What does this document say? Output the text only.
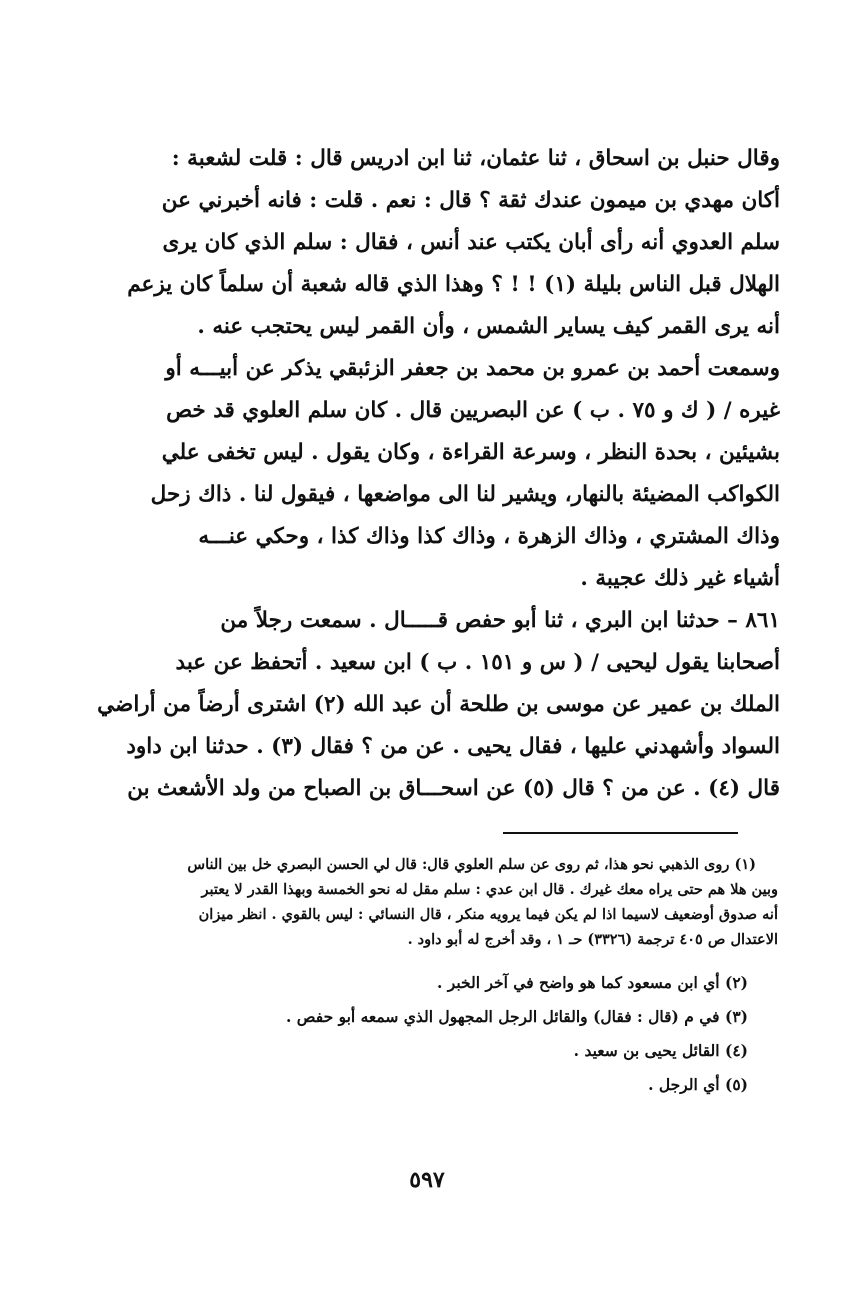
وقال حنبل بن اسحاق ، ثنا عثمان، ثنا ابن ادريس قال : قلت لشعبة :
أكان مهدي بن ميمون عندك ثقة ؟ قال : نعم . قلت : فانه أخبرني عن
سلم العدوي أنه رأى أبان يكتب عند أنس ، فقال : سلم الذي كان يرى
الهلال قبل الناس بليلة (١) ! ! ؟ وهذا الذي قاله شعبة أن سلماً كان يزعم
أنه يرى القمر كيف يساير الشمس ، وأن القمر ليس يحتجب عنه .
وسمعت أحمد بن عمرو بن محمد بن جعفر الزئبقي يذكر عن أبيـــه أو
غيره / ( ك و ٧٥ . ب ) عن البصريين قال . كان سلم العلوي قد خص
بشيئين ، بحدة النظر ، وسرعة القراءة ، وكان يقول . ليس تخفى علي
الكواكب المضيئة بالنهار، ويشير لنا الى مواضعها ، فيقول لنا . ذاك زحل
وذاك المشتري ، وذاك الزهرة ، وذاك كذا وذاك كذا ، وحكي عنـــه
أشياء غير ذلك عجيبة .
٨٦١ – حدثنا ابن البري ، ثنا أبو حفص قـــــال . سمعت رجلاً من
أصحابنا يقول ليحيى / ( س و ١٥١ . ب ) ابن سعيد . أتحفظ عن عبد
الملك بن عمير عن موسى بن طلحة أن عبد الله (٢) اشترى أرضاً من أراضي
السواد وأشهدني عليها ، فقال يحيى . عن من ؟ فقال (٣) . حدثنا ابن داود
قال (٤) . عن من ؟ قال (٥) عن اسحـــاق بن الصباح من ولد الأشعث بن
(١) روى الذهبي نحو هذا، ثم روى عن سلم العلوي قال: قال لي الحسن البصري خل بين الناس
وبين هلا هم حتى يراه معك غيرك . قال ابن عدي : سلم مقل له نحو الخمسة وبهذا القدر لا يعتبر
أنه صدوق أوضعيف لاسيما اذا لم يكن فيما يرويه منكر ، قال النسائي : ليس بالقوي . انظر ميزان
الاعتدال ص ٤٠٥ ترجمة (٣٣٢٦) حـ ١ ، وقد أخرج له أبو داود .
(٢) أي ابن مسعود كما هو واضح في آخر الخبر .
(٣) في م (قال : فقال) والقائل الرجل المجهول الذي سمعه أبو حفص .
(٤) القائل يحيى بن سعيد .
(٥) أي الرجل .
٥٩٧
